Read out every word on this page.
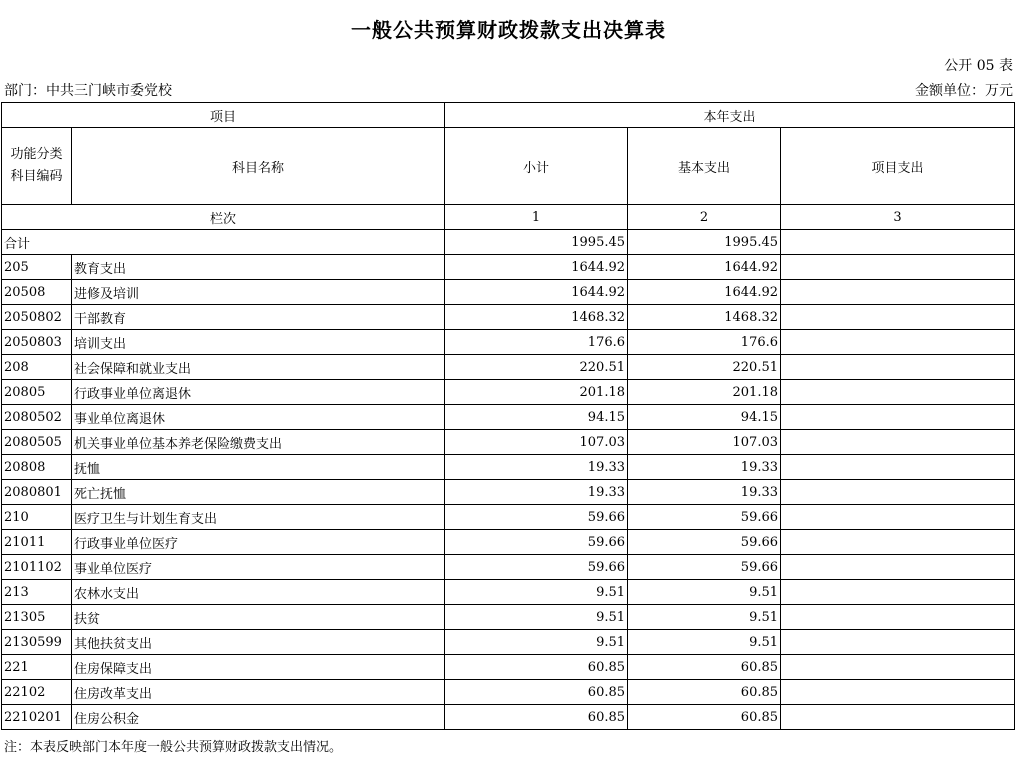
一般公共预算财政拨款支出决算表
公开 05 表
部门：中共三门峡市委党校	金额单位：万元
项目		本年支出		

功能分类
科目编码	科目名称	小计	基本支出	项目支出
栏次		1	2	3
合计		1995.45	1995.45	
205	教育支出	1644.92	1644.92	
20508	进修及培训	1644.92	1644.92	
2050802	干部教育	1468.32	1468.32	
2050803	培训支出	176.6	176.6	
208	社会保障和就业支出	220.51	220.51	
20805	行政事业单位离退休	201.18	201.18	
2080502	事业单位离退休	94.15	94.15	
2080505	机关事业单位基本养老保险缴费支出	107.03	107.03	
20808	抚恤	19.33	19.33	
2080801	死亡抚恤	19.33	19.33	
210	医疗卫生与计划生育支出	59.66	59.66	
21011	行政事业单位医疗	59.66	59.66	
2101102	事业单位医疗	59.66	59.66	
213	农林水支出	9.51	9.51	
21305	扶贫	9.51	9.51	
2130599	其他扶贫支出	9.51	9.51	
221	住房保障支出	60.85	60.85	
22102	住房改革支出	60.85	60.85	
2210201	住房公积金	60.85	60.85	
注：本表反映部门本年度一般公共预算财政拨款支出情况。
